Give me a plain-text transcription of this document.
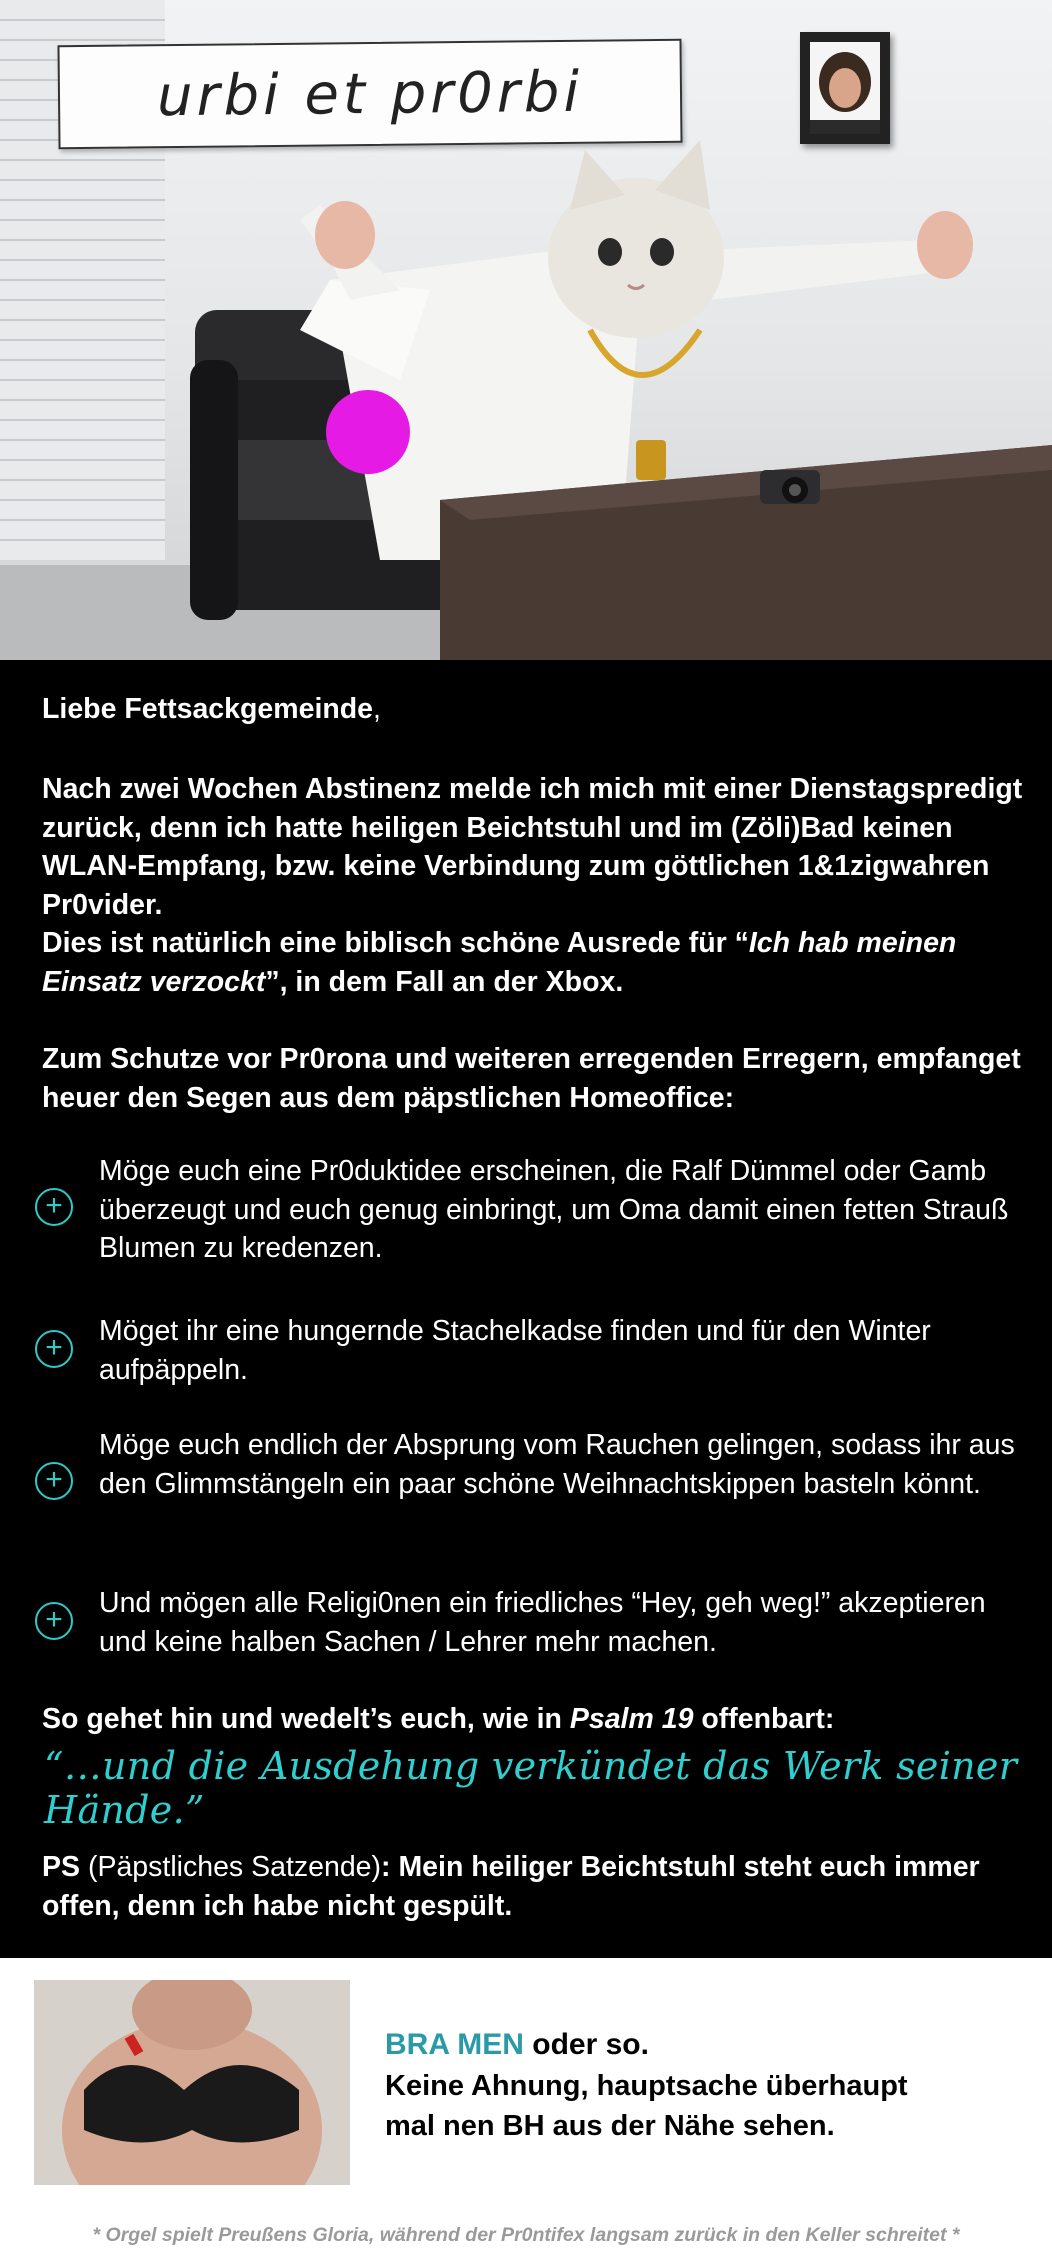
urbi et pr0rbi

Liebe Fettsackgemeinde,

Nach zwei Wochen Abstinenz melde ich mich mit einer Dienstagspredigt zurück, denn ich hatte heiligen Beichtstuhl und im (Zöli)Bad keinen WLAN-Empfang, bzw. keine Verbindung zum göttlichen 1&1zigwahren Pr0vider.
Dies ist natürlich eine biblisch schöne Ausrede für “Ich hab meinen Einsatz verzockt”, in dem Fall an der Xbox.

Zum Schutze vor Pr0rona und weiteren erregenden Erregern, empfanget heuer den Segen aus dem päpstlichen Homeoffice:

+

Möge euch eine Pr0duktidee erscheinen, die Ralf Dümmel oder Gamb überzeugt und euch genug einbringt, um Oma damit einen fetten Strauß Blumen zu kredenzen.

+	Möget ihr eine hungernde Stachelkadse finden und für den Winter aufpäppeln.

+

Möge euch endlich der Absprung vom Rauchen gelingen, sodass ihr aus den Glimmstängeln ein paar schöne Weihnachtskippen basteln könnt.

+	Und mögen alle Religi0nen ein friedliches “Hey, geh weg!” akzeptieren und keine halben Sachen / Lehrer mehr machen.

So gehet hin und wedelt’s euch, wie in Psalm 19 offenbart:

“…und die Ausdehung verkündet das Werk seiner Hände.”

PS (Päpstliches Satzende): Mein heiliger Beichtstuhl steht euch immer offen, denn ich habe nicht gespült.

BRA MEN oder so.

Keine Ahnung, hauptsache überhaupt

mal nen BH aus der Nähe sehen.

* Orgel spielt Preußens Gloria, während der Pr0ntifex langsam zurück in den Keller schreitet *
